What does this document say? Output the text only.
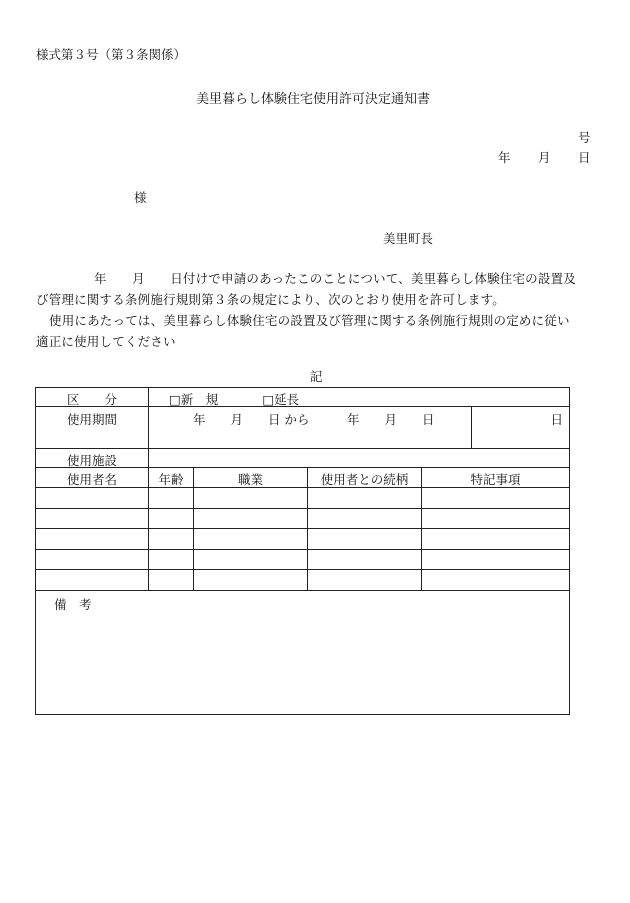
様式第３号（第３条関係）
美里暮らし体験住宅使用許可決定通知書
号
年 月 日
様
美里町長
年　　月　　日付けで申請のあったこのことについて、美里暮らし体験住宅の設置及び管理に関する条例施行規則第３条の規定により、次のとおり使用を許可します。
使用にあたっては、美里暮らし体験住宅の設置及び管理に関する条例施行規則の定めに従い適正に使用してください
記
区　　分	□新　規	□延長
使用期間	年　　月　　日 から　　　年　　月　　日	日
使用施設
使用者名	年齢	職業	使用者との続柄	特記事項
備　考
